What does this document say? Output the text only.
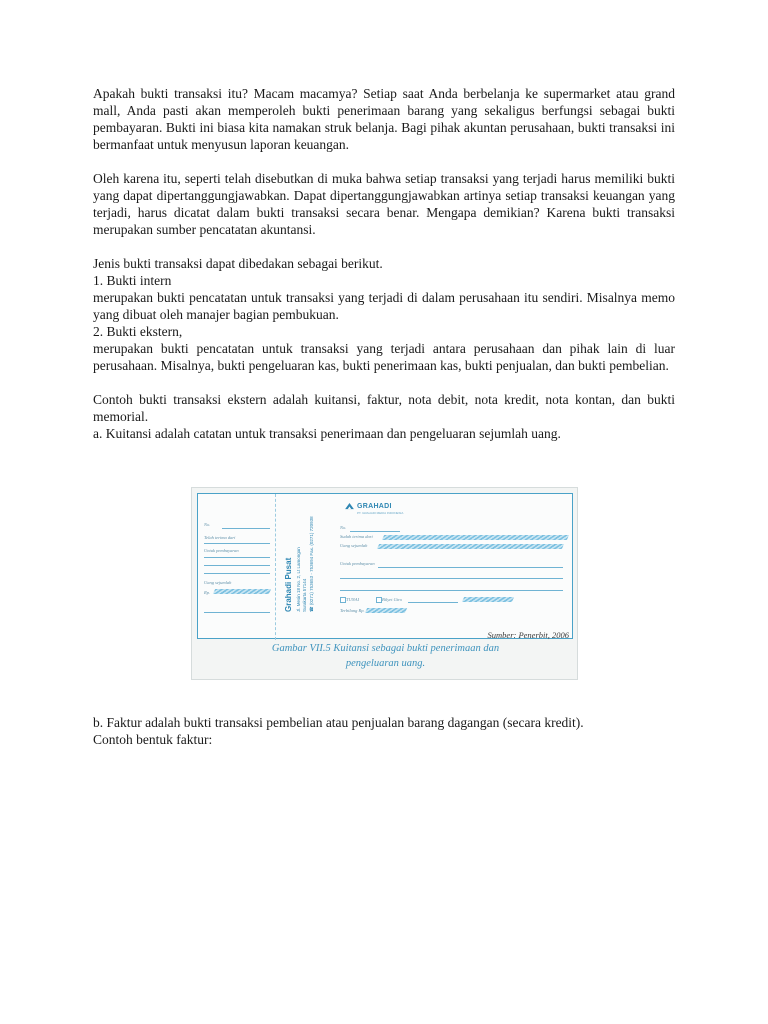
Apakah bukti transaksi itu? Macam macamya? Setiap saat Anda berbelanja ke supermarket atau grand mall, Anda pasti akan memperoleh bukti penerimaan barang yang sekaligus berfungsi sebagai bukti pembayaran. Bukti ini biasa kita namakan struk belanja. Bagi pihak akuntan perusahaan, bukti transaksi ini bermanfaat untuk menyusun laporan keuangan.

Oleh karena itu, seperti telah disebutkan di muka bahwa setiap transaksi yang terjadi harus memiliki bukti yang dapat dipertanggungjawabkan. Dapat dipertanggungjawabkan artinya setiap transaksi keuangan yang terjadi, harus dicatat dalam bukti transaksi secara benar. Mengapa demikian? Karena bukti transaksi merupakan sumber pencatatan akuntansi.

Jenis bukti transaksi dapat dibedakan sebagai berikut.

1. Bukti intern

merupakan bukti pencatatan untuk transaksi yang terjadi di dalam perusahaan itu sendiri. Misalnya memo yang dibuat oleh manajer bagian pembukuan.

2. Bukti ekstern,

merupakan bukti pencatatan untuk transaksi yang terjadi antara perusahaan dan pihak lain di luar perusahaan. Misalnya, bukti pengeluaran kas, bukti penerimaan kas, bukti penjualan, dan bukti pembelian.

Contoh bukti transaksi ekstern adalah kuitansi, faktur, nota debit, nota kredit, nota kontan, dan bukti memorial.

a. Kuitansi adalah catatan untuk transaksi penerimaan dan pengeluaran sejumlah uang.

No.
Telah terima dari
Untuk pembayaran
Uang sejumlah
Rp.	Grahadi Pusat Jl. Mesin 18 No. 2, Lt Lamongan Surakarta 57144 ☎ (0271) 753653 - 753694 Fax. (0271) 720938
GRAHADI
PT. GRAHADI MEDIA INDONESIA
No.
Sudah terima dari
Uang sejumlah
Untuk pembayaran
TUNAI	Bilyet Giro
Terbilang Rp.
Sumber: Penerbit, 2006
Gambar VII.5 Kuitansi sebagai bukti penerimaan dan
pengeluaran uang.

b. Faktur adalah bukti transaksi pembelian atau penjualan barang dagangan (secara kredit).

Contoh bentuk faktur:
